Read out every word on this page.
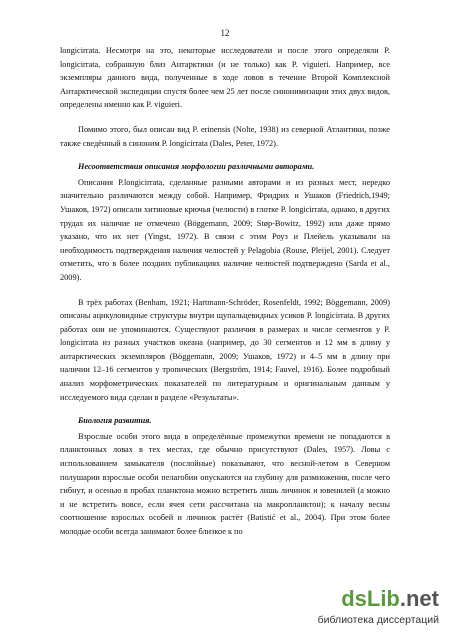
12

longicirrata. Несмотря на это, некоторые исследователи и после этого определяли P. longicirrata, собранную близ Антарктики (и не только) как P. viguieri. Например, все экземпляры данного вида, полученные в ходе ловов в течение Второй Комплексной Антарктической экспедиции спустя более чем 25 лет после синонимизации этих двух видов, определены именно как P. viguieri.

Помимо этого, был описан вид P. erinensis (Nolte, 1938) из северной Атлантики, позже также сведённый в синоним P. longicirrata (Dales, Peter, 1972).

Несоответствия описания морфологии различными авторами.

Описания P.longicirrata, сделанные разными авторами и из разных мест, нередко значительно различаются между собой. Например, Фридрих и Ушаков (Friedrich,1949; Ушаков, 1972) описали хитиновые крючья (челюсти) в глотке P. longicirrata, однако, в других трудах их наличие не отмечено (Böggemann, 2009; Støp-Bowitz, 1992) или даже прямо указано, что их нет (Yingst, 1972). В связи с этим Роуз и Плейель указывали на необходимость подтверждения наличия челюстей у Pelagobia (Rouse, Pleijel, 2001). Следует отметить, что в более поздних публикациях наличие челюстей подтверждено (Sarda et al., 2009).

В трёх работах (Benham, 1921; Hartmann-Schröder, Rosenfeldt, 1992; Böggemann, 2009) описаны ацикуловидные структуры внутри щупальцевидных усиков P. longicirrata. В других работах они не упоминаются. Существуют различия в размерах и числе сегментов у P. longicirrata из разных участков океана (например, до 30 сегментов и 12 мм в длину у антарктических экземпляров (Böggemann, 2009; Ушаков, 1972) и 4–5 мм в длину при наличии 12–16 сегментов у тропических (Bergström, 1914; Fauvel, 1916). Более подробный анализ морфометрических показателей по литературным и оригинальным данным у исследуемого вида сделан в разделе «Результаты».

Биология развития.

Взрослые особи этого вида в определённые промежутки времени не попадаются в планктонных ловах в тех местах, где обычно присутствуют (Dales, 1957). Ловы с использованием замыкателя (послойные) показывают, что весной-летом в Северном полушарии взрослые особи пелагобии опускаются на глубину для размножения, после чего гибнут, и осенью в пробах планктона можно встретить лишь личинок и ювенилей (а можно и не встретить вовсе, если ячея сети рассчитана на макропланктон); к началу весны соотношение взрослых особей и личинок растёт (Batistić et al., 2004). При этом более молодые особи всегда занимают более близкое к по

dsLib.net
библиотека диссертаций
